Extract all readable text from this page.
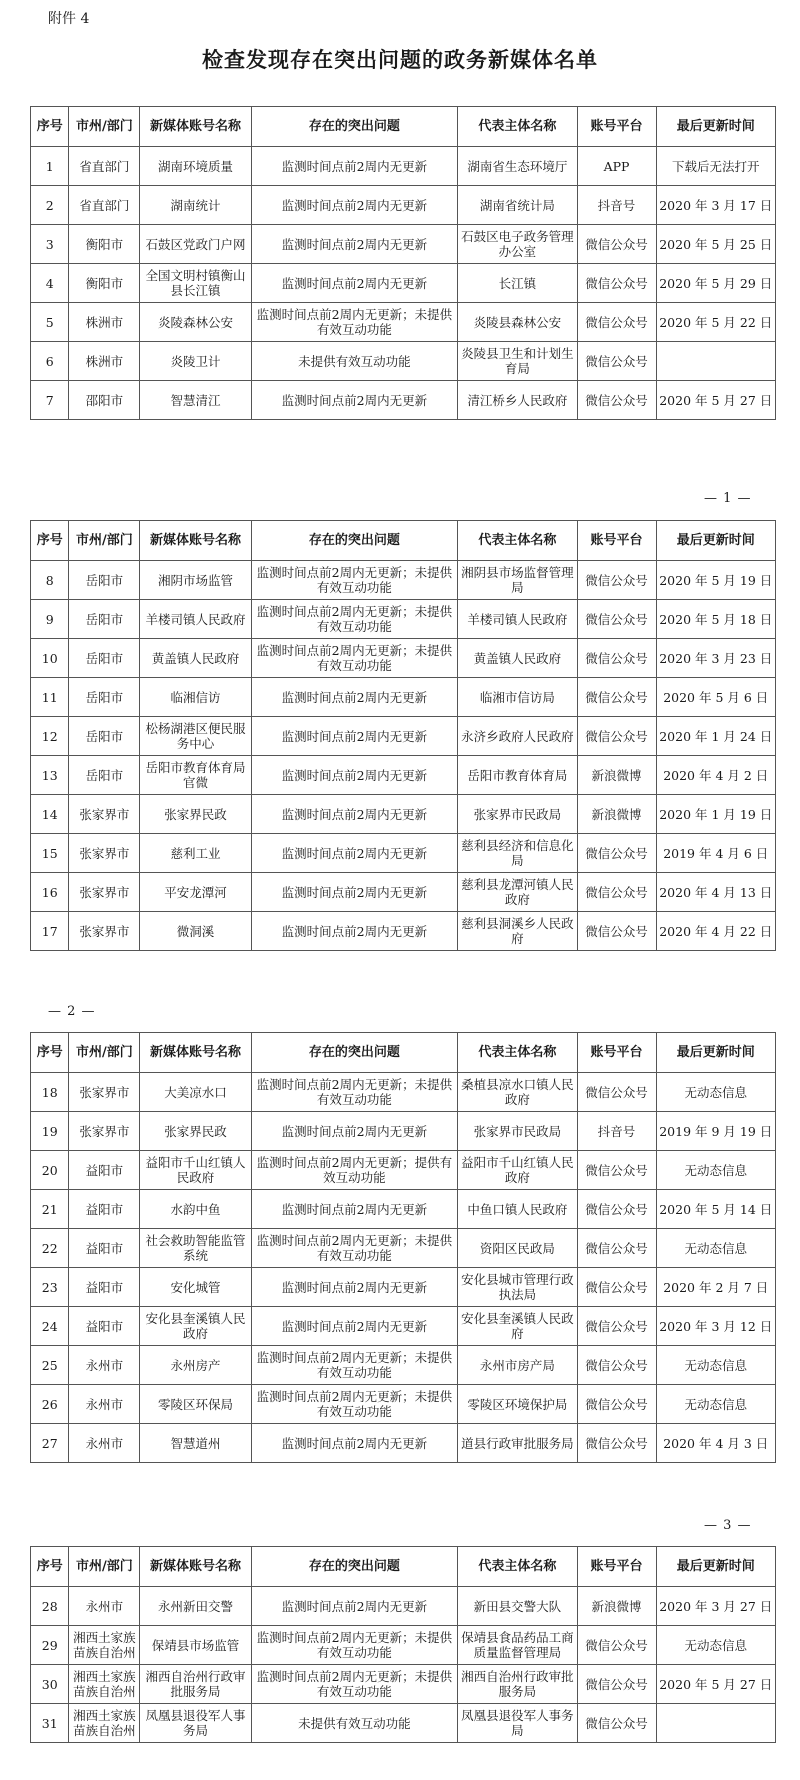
附件 4
检查发现存在突出问题的政务新媒体名单
— 1 —
— 2 —
— 3 —
序号	市州/部门	新媒体账号名称	存在的突出问题	代表主体名称	账号平台	最后更新时间
1	省直部门	湖南环境质量	监测时间点前2周内无更新	湖南省生态环境厅	APP	下载后无法打开
2	省直部门	湖南统计	监测时间点前2周内无更新	湖南省统计局	抖音号	2020 年 3 月 17 日
3	衡阳市	石鼓区党政门户网	监测时间点前2周内无更新	石鼓区电子政务管理办公室	微信公众号	2020 年 5 月 25 日
4	衡阳市	全国文明村镇衡山县长江镇	监测时间点前2周内无更新	长江镇	微信公众号	2020 年 5 月 29 日
5	株洲市	炎陵森林公安	监测时间点前2周内无更新；未提供有效互动功能	炎陵县森林公安	微信公众号	2020 年 5 月 22 日
6	株洲市	炎陵卫计	未提供有效互动功能	炎陵县卫生和计划生育局	微信公众号	
7	邵阳市	智慧清江	监测时间点前2周内无更新	清江桥乡人民政府	微信公众号	2020 年 5 月 27 日
序号	市州/部门	新媒体账号名称	存在的突出问题	代表主体名称	账号平台	最后更新时间
8	岳阳市	湘阴市场监管	监测时间点前2周内无更新；未提供有效互动功能	湘阴县市场监督管理局	微信公众号	2020 年 5 月 19 日
9	岳阳市	羊楼司镇人民政府	监测时间点前2周内无更新；未提供有效互动功能	羊楼司镇人民政府	微信公众号	2020 年 5 月 18 日
10	岳阳市	黄盖镇人民政府	监测时间点前2周内无更新；未提供有效互动功能	黄盖镇人民政府	微信公众号	2020 年 3 月 23 日
11	岳阳市	临湘信访	监测时间点前2周内无更新	临湘市信访局	微信公众号	2020 年 5 月 6 日
12	岳阳市	松杨湖港区便民服务中心	监测时间点前2周内无更新	永济乡政府人民政府	微信公众号	2020 年 1 月 24 日
13	岳阳市	岳阳市教育体育局官微	监测时间点前2周内无更新	岳阳市教育体育局	新浪微博	2020 年 4 月 2 日
14	张家界市	张家界民政	监测时间点前2周内无更新	张家界市民政局	新浪微博	2020 年 1 月 19 日
15	张家界市	慈利工业	监测时间点前2周内无更新	慈利县经济和信息化局	微信公众号	2019 年 4 月 6 日
16	张家界市	平安龙潭河	监测时间点前2周内无更新	慈利县龙潭河镇人民政府	微信公众号	2020 年 4 月 13 日
17	张家界市	微洞溪	监测时间点前2周内无更新	慈利县洞溪乡人民政府	微信公众号	2020 年 4 月 22 日
序号	市州/部门	新媒体账号名称	存在的突出问题	代表主体名称	账号平台	最后更新时间
18	张家界市	大美凉水口	监测时间点前2周内无更新；未提供有效互动功能	桑植县凉水口镇人民政府	微信公众号	无动态信息
19	张家界市	张家界民政	监测时间点前2周内无更新	张家界市民政局	抖音号	2019 年 9 月 19 日
20	益阳市	益阳市千山红镇人民政府	监测时间点前2周内无更新；提供有效互动功能	益阳市千山红镇人民政府	微信公众号	无动态信息
21	益阳市	水韵中鱼	监测时间点前2周内无更新	中鱼口镇人民政府	微信公众号	2020 年 5 月 14 日
22	益阳市	社会救助智能监管系统	监测时间点前2周内无更新；未提供有效互动功能	资阳区民政局	微信公众号	无动态信息
23	益阳市	安化城管	监测时间点前2周内无更新	安化县城市管理行政执法局	微信公众号	2020 年 2 月 7 日
24	益阳市	安化县奎溪镇人民政府	监测时间点前2周内无更新	安化县奎溪镇人民政府	微信公众号	2020 年 3 月 12 日
25	永州市	永州房产	监测时间点前2周内无更新；未提供有效互动功能	永州市房产局	微信公众号	无动态信息
26	永州市	零陵区环保局	监测时间点前2周内无更新；未提供有效互动功能	零陵区环境保护局	微信公众号	无动态信息
27	永州市	智慧道州	监测时间点前2周内无更新	道县行政审批服务局	微信公众号	2020 年 4 月 3 日
序号	市州/部门	新媒体账号名称	存在的突出问题	代表主体名称	账号平台	最后更新时间
28	永州市	永州新田交警	监测时间点前2周内无更新	新田县交警大队	新浪微博	2020 年 3 月 27 日
29	湘西土家族苗族自治州	保靖县市场监管	监测时间点前2周内无更新；未提供有效互动功能	保靖县食品药品工商质量监督管理局	微信公众号	无动态信息
30	湘西土家族苗族自治州	湘西自治州行政审批服务局	监测时间点前2周内无更新；未提供有效互动功能	湘西自治州行政审批服务局	微信公众号	2020 年 5 月 27 日
31	湘西土家族苗族自治州	凤凰县退役军人事务局	未提供有效互动功能	凤凰县退役军人事务局	微信公众号	
